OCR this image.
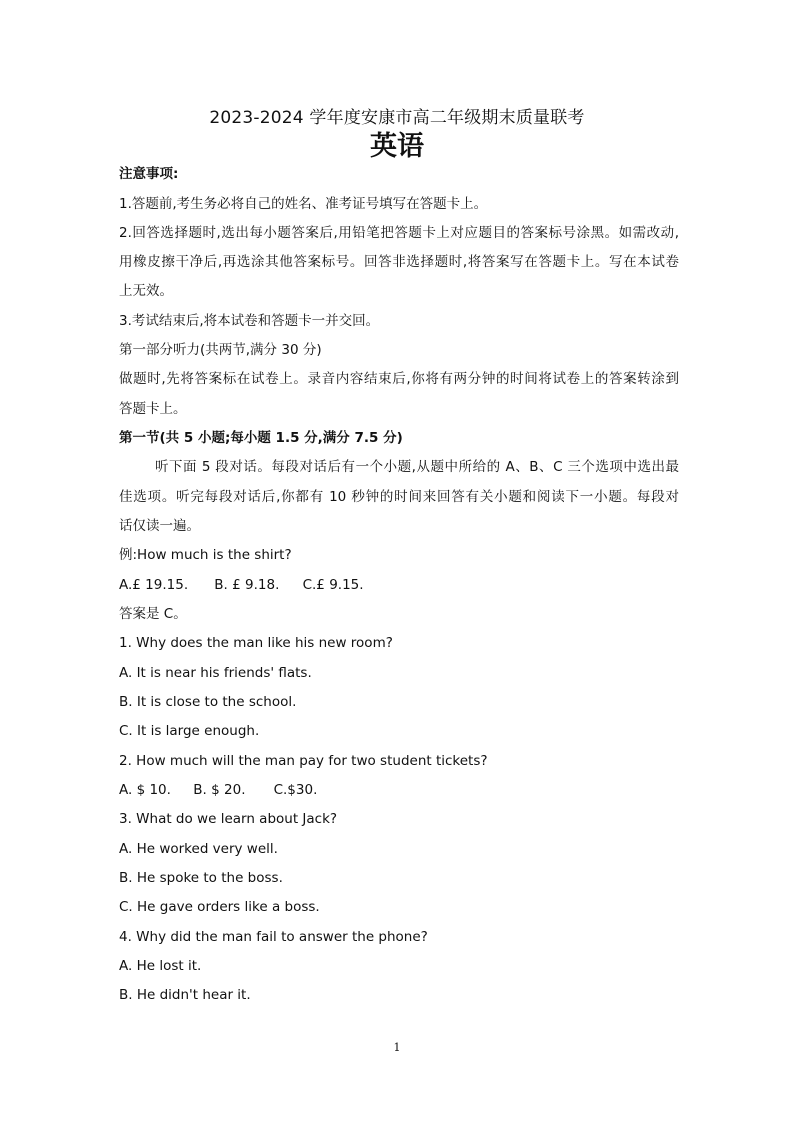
2023-2024 学年度安康市高二年级期末质量联考
英语
注意事项:
1.答题前,考生务必将自己的姓名、准考证号填写在答题卡上。
2.回答选择题时,选出每小题答案后,用铅笔把答题卡上对应题目的答案标号涂黑。如需改动,
用橡皮擦干净后,再选涂其他答案标号。回答非选择题时,将答案写在答题卡上。写在本试卷
上无效。
3.考试结束后,将本试卷和答题卡一并交回。
第一部分听力(共两节,满分 30 分)
做题时,先将答案标在试卷上。录音内容结束后,你将有两分钟的时间将试卷上的答案转涂到
答题卡上。
第一节(共 5 小题;每小题 1.5 分,满分 7.5 分)
听下面 5 段对话。每段对话后有一个小题,从题中所给的 A、B、C 三个选项中选出最
佳选项。听完每段对话后,你都有 10 秒钟的时间来回答有关小题和阅读下一小题。每段对
话仅读一遍。
例:How much is the shirt?
A.£ 19.15. B. £ 9.18. C.£ 9.15.
答案是 C。
1. Why does the man like his new room?
A. It is near his friends' flats.
B. It is close to the school.
C. It is large enough.
2. How much will the man pay for two student tickets?
A. $ 10. B. $ 20. C.$30.
3. What do we learn about Jack?
A. He worked very well.
B. He spoke to the boss.
C. He gave orders like a boss.
4. Why did the man fail to answer the phone?
A. He lost it.
B. He didn't hear it.
1
